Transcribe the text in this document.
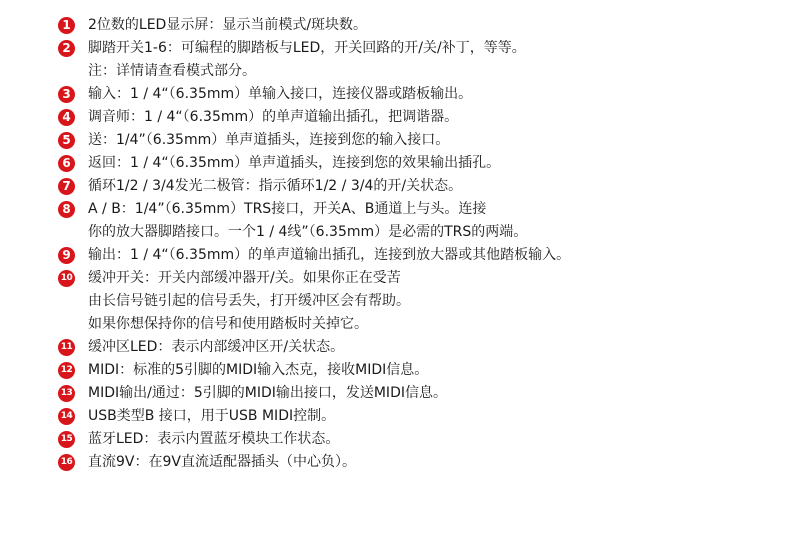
1	2位数的LED显示屏：显示当前模式/斑块数。
2	脚踏开关1-6：可编程的脚踏板与LED，开关回路的开/关/补丁，等等。
注：详情请查看模式部分。
3	输入：1 / 4“（6.35mm）单输入接口，连接仪器或踏板输出。
4	调音师：1 / 4“（6.35mm）的单声道输出插孔，把调谐器。
5	送：1/4”（6.35mm）单声道插头，连接到您的输入接口。
6	返回：1 / 4“（6.35mm）单声道插头，连接到您的效果输出插孔。
7	循环1/2 / 3/4发光二极管：指示循环1/2 / 3/4的开/关状态。
8	A / B：1/4”（6.35mm）TRS接口，开关A、B通道上与头。连接
你的放大器脚踏接口。一个1 / 4线”（6.35mm）是必需的TRS的两端。
9	输出：1 / 4“（6.35mm）的单声道输出插孔，连接到放大器或其他踏板输入。
10 缓冲开关：开关内部缓冲器开/关。如果你正在受苦
由长信号链引起的信号丢失，打开缓冲区会有帮助。
如果你想保持你的信号和使用踏板时关掉它。
11 缓冲区LED：表示内部缓冲区开/关状态。
12 MIDI：标准的5引脚的MIDI输入杰克，接收MIDI信息。
13 MIDI输出/通过：5引脚的MIDI输出接口，发送MIDI信息。
14 USB类型B 接口，用于USB MIDI控制。
15 蓝牙LED：表示内置蓝牙模块工作状态。
16 直流9V：在9V直流适配器插头（中心负）。
